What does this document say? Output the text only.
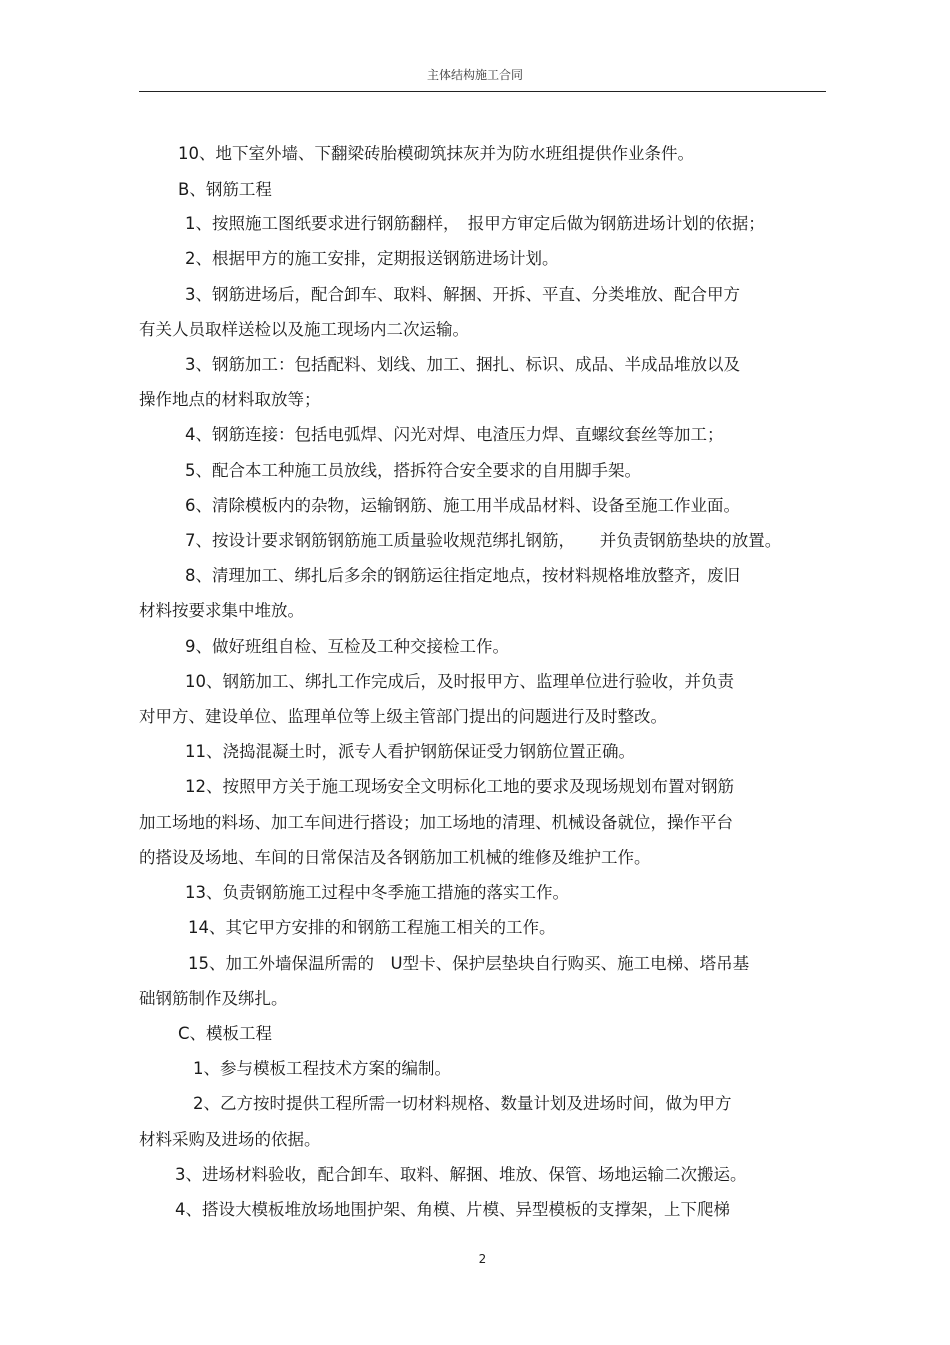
主体结构施工合同
10、地下室外墙、下翻梁砖胎模砌筑抹灰并为防水班组提供作业条件。
B、钢筋工程
1、按照施工图纸要求进行钢筋翻样，　报甲方审定后做为钢筋进场计划的依据；
2、根据甲方的施工安排，定期报送钢筋进场计划。
3、钢筋进场后，配合卸车、取料、解捆、开拆、平直、分类堆放、配合甲方
有关人员取样送检以及施工现场内二次运输。
3、钢筋加工：包括配料、划线、加工、捆扎、标识、成品、半成品堆放以及
操作地点的材料取放等；
4、钢筋连接：包括电弧焊、闪光对焊、电渣压力焊、直螺纹套丝等加工；
5、配合本工种施工员放线，搭拆符合安全要求的自用脚手架。
6、清除模板内的杂物，运输钢筋、施工用半成品材料、设备至施工作业面。
7、按设计要求钢筋钢筋施工质量验收规范绑扎钢筋，　　并负责钢筋垫块的放置。
8、清理加工、绑扎后多余的钢筋运往指定地点，按材料规格堆放整齐，废旧
材料按要求集中堆放。
9、做好班组自检、互检及工种交接检工作。
10、钢筋加工、绑扎工作完成后，及时报甲方、监理单位进行验收，并负责
对甲方、建设单位、监理单位等上级主管部门提出的问题进行及时整改。
11、浇捣混凝土时，派专人看护钢筋保证受力钢筋位置正确。
12、按照甲方关于施工现场安全文明标化工地的要求及现场规划布置对钢筋
加工场地的料场、加工车间进行搭设；加工场地的清理、机械设备就位，操作平台
的搭设及场地、车间的日常保洁及各钢筋加工机械的维修及维护工作。
13、负责钢筋施工过程中冬季施工措施的落实工作。
14、其它甲方安排的和钢筋工程施工相关的工作。
15、加工外墙保温所需的　U型卡、保护层垫块自行购买、施工电梯、塔吊基
础钢筋制作及绑扎。
C、模板工程
1、参与模板工程技术方案的编制。
2、乙方按时提供工程所需一切材料规格、数量计划及进场时间，做为甲方
材料采购及进场的依据。
3、进场材料验收，配合卸车、取料、解捆、堆放、保管、场地运输二次搬运。
4、搭设大模板堆放场地围护架、角模、片模、异型模板的支撑架，上下爬梯
2
